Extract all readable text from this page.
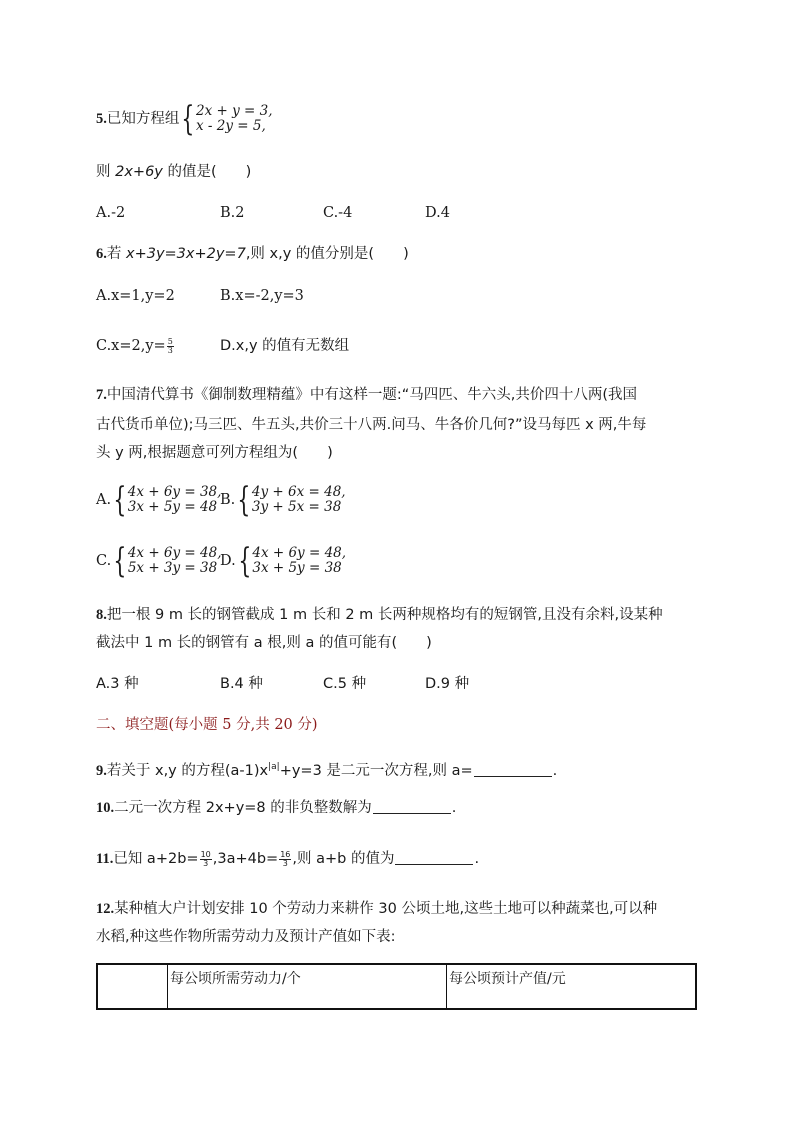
5.已知方程组 { 2x + y = 3,
x - 2y = 5,
则 2x+6y 的值是(　　)
A.-2	B.2	C.-4	D.4
6.若 x+3y=3x+2y=7,则 x,y 的值分别是(　　)
A.x=1,y=2	B.x=-2,y=3
$C.x=2,y= \frac{5}{3}$	D.x,y 的值有无数组
7.中国清代算书《御制数理精蕴》中有这样一题:“马四匹、牛六头,共价四十八两(我国
古代货币单位);马三匹、牛五头,共价三十八两.问马、牛各价几何?”设马每匹 x 两,牛每
头 y 两,根据题意可列方程组为(　　)
A. { 4x + 6y = 38,
3x + 5y = 48 B. { 4y + 6x = 48,
3y + 5x = 38
C. { 4x + 6y = 48,
5x + 3y = 38 D. { 4x + 6y = 48,
3x + 5y = 38
8.把一根 9 m 长的钢管截成 1 m 长和 2 m 长两种规格均有的短钢管,且没有余料,设某种
截法中 1 m 长的钢管有 a 根,则 a 的值可能有(　　)
A.3 种	B.4 种	C.5 种	D.9 种
二、填空题(每小题 5 分,共 20 分)
9.若关于 x,y 的方程$(a-1)x^{|a|}+y=3$ 是二元一次方程,则 a=	.
10.二元一次方程 2x+y=8 的非负整数解为	.
11.已知 $a+2b= \frac{10}{3} ,3a+4b= \frac{16}{3}$ ,则 a+b 的值为	.
12.某种植大户计划安排 10 个劳动力来耕作 30 公顷土地,这些土地可以种蔬菜也,可以种
水稻,种这些作物所需劳动力及预计产值如下表:
	每公顷所需劳动力/个	每公顷预计产值/元
